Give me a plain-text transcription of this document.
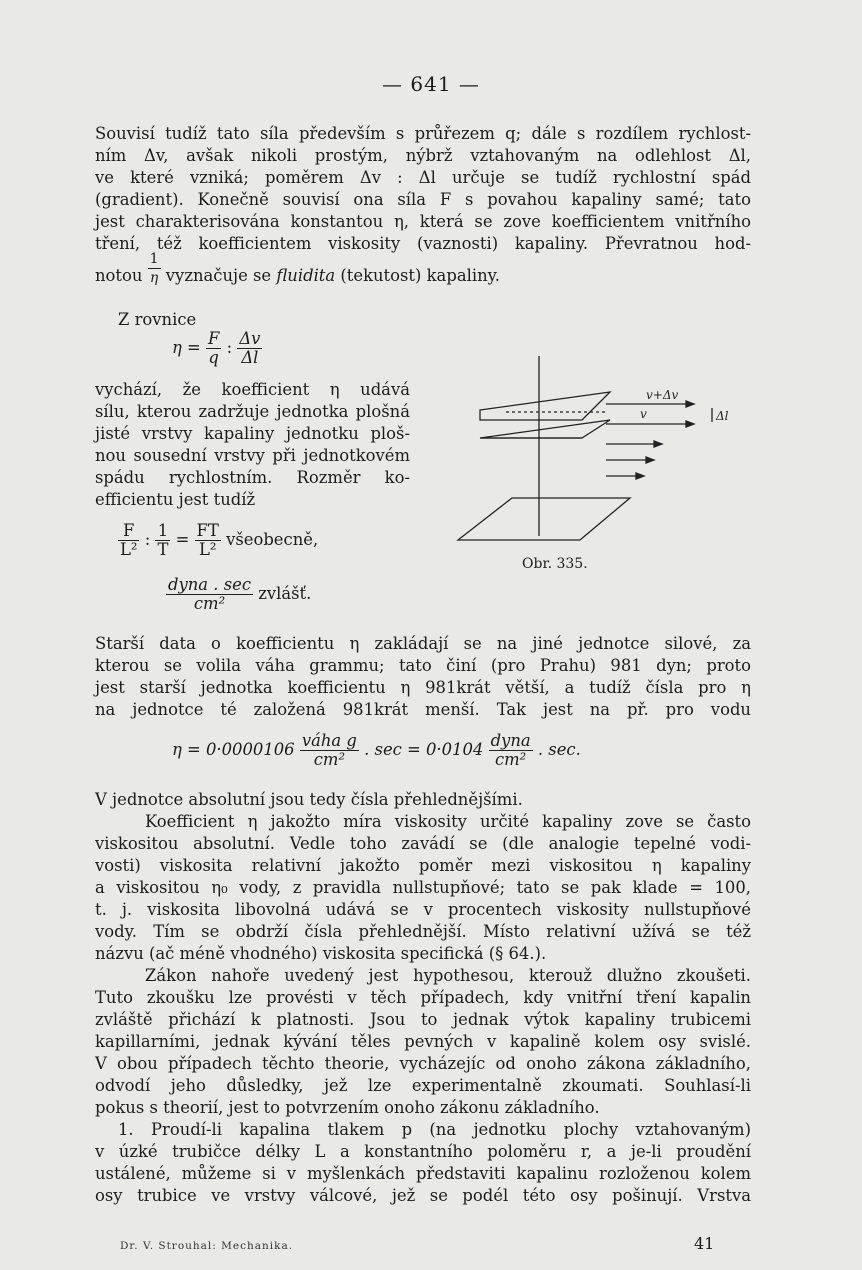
— 641 —
Souvisí tudíž tato síla především s průřezem q; dále s rozdílem rychlost-
ním Δv, avšak nikoli prostým, nýbrž vztahovaným na odlehlost Δl,
ve které vzniká; poměrem Δv : Δl určuje se tudíž rychlostní spád
(gradient). Konečně souvisí ona síla F s povahou kapaliny samé; tato
jest charakterisována konstantou η, která se zove koefficientem vnitřního
tření, též koefficientem viskosity (vaznosti) kapaliny. Převratnou hod-
notou $\frac{1}{\eta}$ vyznačuje se fluidita (tekutost) kapaliny.
Z rovnice
$\eta = \frac{F}{q}$ : $\frac{\Delta v}{\Delta l}$
vychází, že koefficient η udává
sílu, kterou zadržuje jednotka plošná
jisté vrstvy kapaliny jednotku ploš-
nou sousední vrstvy při jednotkovém
spádu rychlostním. Rozměr ko-
efficientu jest tudíž
$\frac{F}{\text{L²}}$ : $\frac{1}{T} = \frac{FT}{\text{L²}}$ všeobecně,
$\frac{\text{dyna . sec}}{\text{cm²}}$ zvlášť.
v+Δv
v	Δl
Obr. 335.
Starší data o koefficientu η zakládají se na jiné jednotce silové, za
kterou se volila váha grammu; tato činí (pro Prahu) 981 dyn; proto
jest starší jednotka koefficientu η 981krát větší, a tudíž čísla pro η
na jednotce té založená 981krát menší. Tak jest na př. pro vodu
$\eta = 0\cdot 0000106 \frac{\text{váha g}}{\text{cm²}}$ . $\sec = 0\cdot 0104 \frac{\text{dyna}}{\text{cm²}}$ . sec.
V jednotce absolutní jsou tedy čísla přehlednějšími.
Koefficient η jakožto míra viskosity určité kapaliny zove se často
viskositou absolutní. Vedle toho zavádí se (dle analogie tepelné vodi-
vosti) viskosita relativní jakožto poměr mezi viskositou η kapaliny
a viskositou η₀ vody, z pravidla nullstupňové; tato se pak klade = 100,
t. j. viskosita libovolná udává se v procentech viskosity nullstupňové
vody. Tím se obdrží čísla přehlednější. Místo relativní užívá se též
názvu (ač méně vhodného) viskosita specifická (§ 64.).
Zákon nahoře uvedený jest hypothesou, kterouž dlužno zkoušeti.
Tuto zkoušku lze provésti v těch případech, kdy vnitřní tření kapalin
zvláště přichází k platnosti. Jsou to jednak výtok kapaliny trubicemi
kapillarními, jednak kývání těles pevných v kapalině kolem osy svislé.
V obou případech těchto theorie, vycházejíc od onoho zákona základního,
odvodí jeho důsledky, jež lze experimentalně zkoumati. Souhlasí-li
pokus s theorií, jest to potvrzením onoho zákonu základního.
1. Proudí-li kapalina tlakem p (na jednotku plochy vztahovaným)
v úzké trubičce délky L a konstantního poloměru r, a je-li proudění
ustálené, můžeme si v myšlenkách představiti kapalinu rozloženou kolem
osy trubice ve vrstvy válcové, jež se podél této osy pošinují. Vrstva
Dr. V. Strouhal: Mechanika.	41
